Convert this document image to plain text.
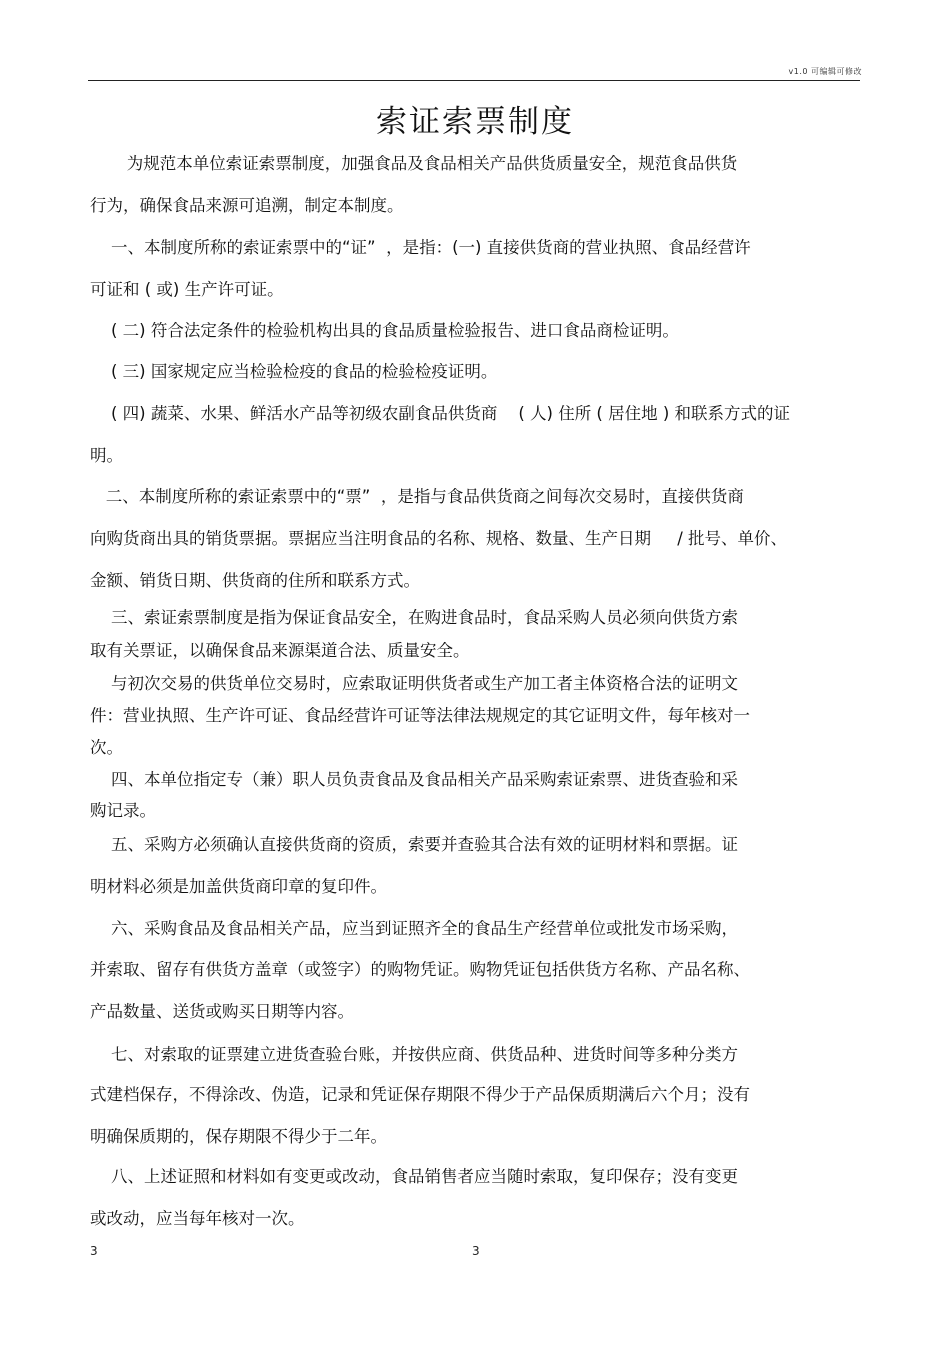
v1.0 可编辑可修改
索证索票制度

为规范本单位索证索票制度，加强食品及食品相关产品供货质量安全，规范食品供货

行为，确保食品来源可追溯，制定本制度。

一、本制度所称的索证索票中的“证”  ，是指：(一) 直接供货商的营业执照、食品经营许

可证和 ( 或) 生产许可证。

( 二) 符合法定条件的检验机构出具的食品质量检验报告、进口食品商检证明。

( 三) 国家规定应当检验检疫的食品的检验检疫证明。

( 四) 蔬菜、水果、鲜活水产品等初级农副食品供货商    ( 人) 住所 ( 居住地 ) 和联系方式的证

明。

二、本制度所称的索证索票中的“票”  ，是指与食品供货商之间每次交易时，直接供货商

向购货商出具的销货票据。票据应当注明食品的名称、规格、数量、生产日期     / 批号、单价、

金额、销货日期、供货商的住所和联系方式。

三、索证索票制度是指为保证食品安全，在购进食品时，食品采购人员必须向供货方索

取有关票证，以确保食品来源渠道合法、质量安全。

与初次交易的供货单位交易时，应索取证明供货者或生产加工者主体资格合法的证明文

件：营业执照、生产许可证、食品经营许可证等法律法规规定的其它证明文件，每年核对一

次。

四、本单位指定专（兼）职人员负责食品及食品相关产品采购索证索票、进货查验和采

购记录。

五、采购方必须确认直接供货商的资质，索要并查验其合法有效的证明材料和票据。证

明材料必须是加盖供货商印章的复印件。

六、采购食品及食品相关产品，应当到证照齐全的食品生产经营单位或批发市场采购，

并索取、留存有供货方盖章（或签字）的购物凭证。购物凭证包括供货方名称、产品名称、

产品数量、送货或购买日期等内容。

七、对索取的证票建立进货查验台账，并按供应商、供货品种、进货时间等多种分类方

式建档保存，不得涂改、伪造，记录和凭证保存期限不得少于产品保质期满后六个月；没有

明确保质期的，保存期限不得少于二年。

八、上述证照和材料如有变更或改动，食品销售者应当随时索取，复印保存；没有变更

或改动，应当每年核对一次。

3	3
